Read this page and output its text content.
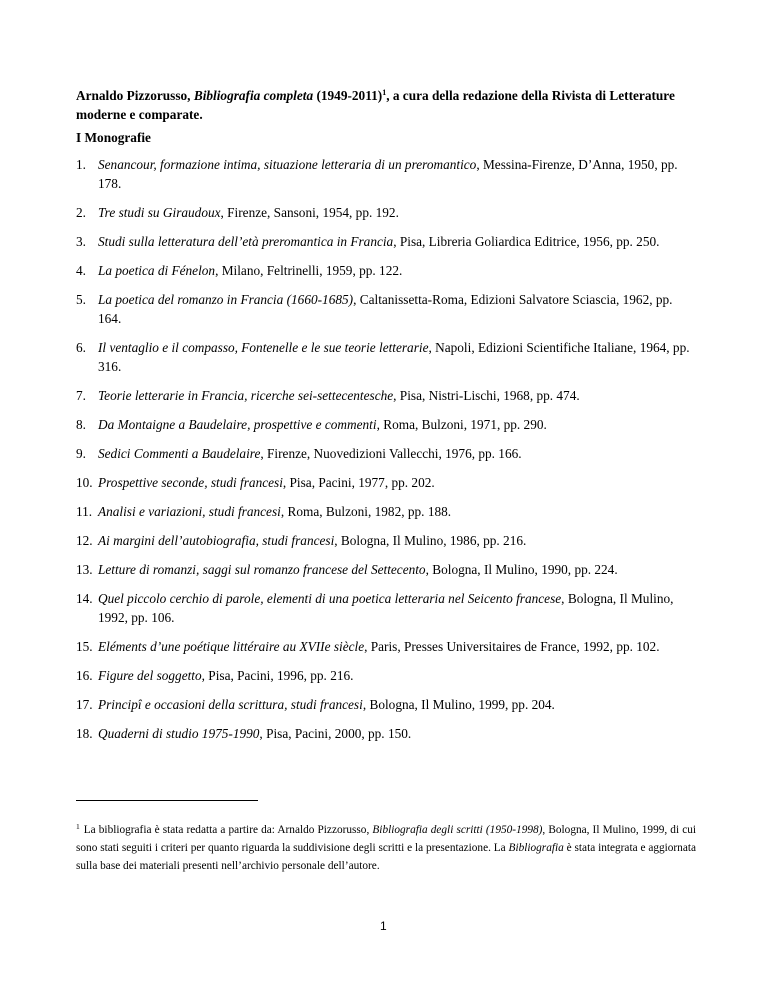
Arnaldo Pizzorusso, Bibliografia completa (1949-2011)$^1$, a cura della redazione della Rivista di Letterature moderne e comparate.
I Monografie
1. Senancour, formazione intima, situazione letteraria di un preromantico, Messina-Firenze, D’Anna, 1950, pp. 178.
2. Tre studi su Giraudoux, Firenze, Sansoni, 1954, pp. 192.
3. Studi sulla letteratura dell’età preromantica in Francia, Pisa, Libreria Goliardica Editrice, 1956, pp. 250.
4. La poetica di Fénelon, Milano, Feltrinelli, 1959, pp. 122.
5. La poetica del romanzo in Francia (1660-1685), Caltanissetta-Roma, Edizioni Salvatore Sciascia, 1962, pp. 164.
6. Il ventaglio e il compasso, Fontenelle e le sue teorie letterarie, Napoli, Edizioni Scientifiche Italiane, 1964, pp. 316.
7. Teorie letterarie in Francia, ricerche sei-settecentesche, Pisa, Nistri-Lischi, 1968, pp. 474.
8. Da Montaigne a Baudelaire, prospettive e commenti, Roma, Bulzoni, 1971, pp. 290.
9. Sedici Commenti a Baudelaire, Firenze, Nuovedizioni Vallecchi, 1976, pp. 166.
10. Prospettive seconde, studi francesi, Pisa, Pacini, 1977, pp. 202.
11. Analisi e variazioni, studi francesi, Roma, Bulzoni, 1982, pp. 188.
12. Ai margini dell’autobiografia, studi francesi, Bologna, Il Mulino, 1986, pp. 216.
13. Letture di romanzi, saggi sul romanzo francese del Settecento, Bologna, Il Mulino, 1990, pp. 224.
14. Quel piccolo cerchio di parole, elementi di una poetica letteraria nel Seicento francese, Bologna, Il Mulino, 1992, pp. 106.
15. Eléments d’une poétique littéraire au XVIIe siècle, Paris, Presses Universitaires de France, 1992, pp. 102.
16. Figure del soggetto, Pisa, Pacini, 1996, pp. 216.
17. Principî e occasioni della scrittura, studi francesi, Bologna, Il Mulino, 1999, pp. 204.
18. Quaderni di studio 1975-1990, Pisa, Pacini, 2000, pp. 150.
$^1$ La bibliografia è stata redatta a partire da: Arnaldo Pizzorusso, Bibliografia degli scritti (1950-1998), Bologna, Il Mulino, 1999, di cui sono stati seguiti i criteri per quanto riguarda la suddivisione degli scritti e la presentazione. La Bibliografia è stata integrata e aggiornata sulla base dei materiali presenti nell’archivio personale dell’autore.
1
